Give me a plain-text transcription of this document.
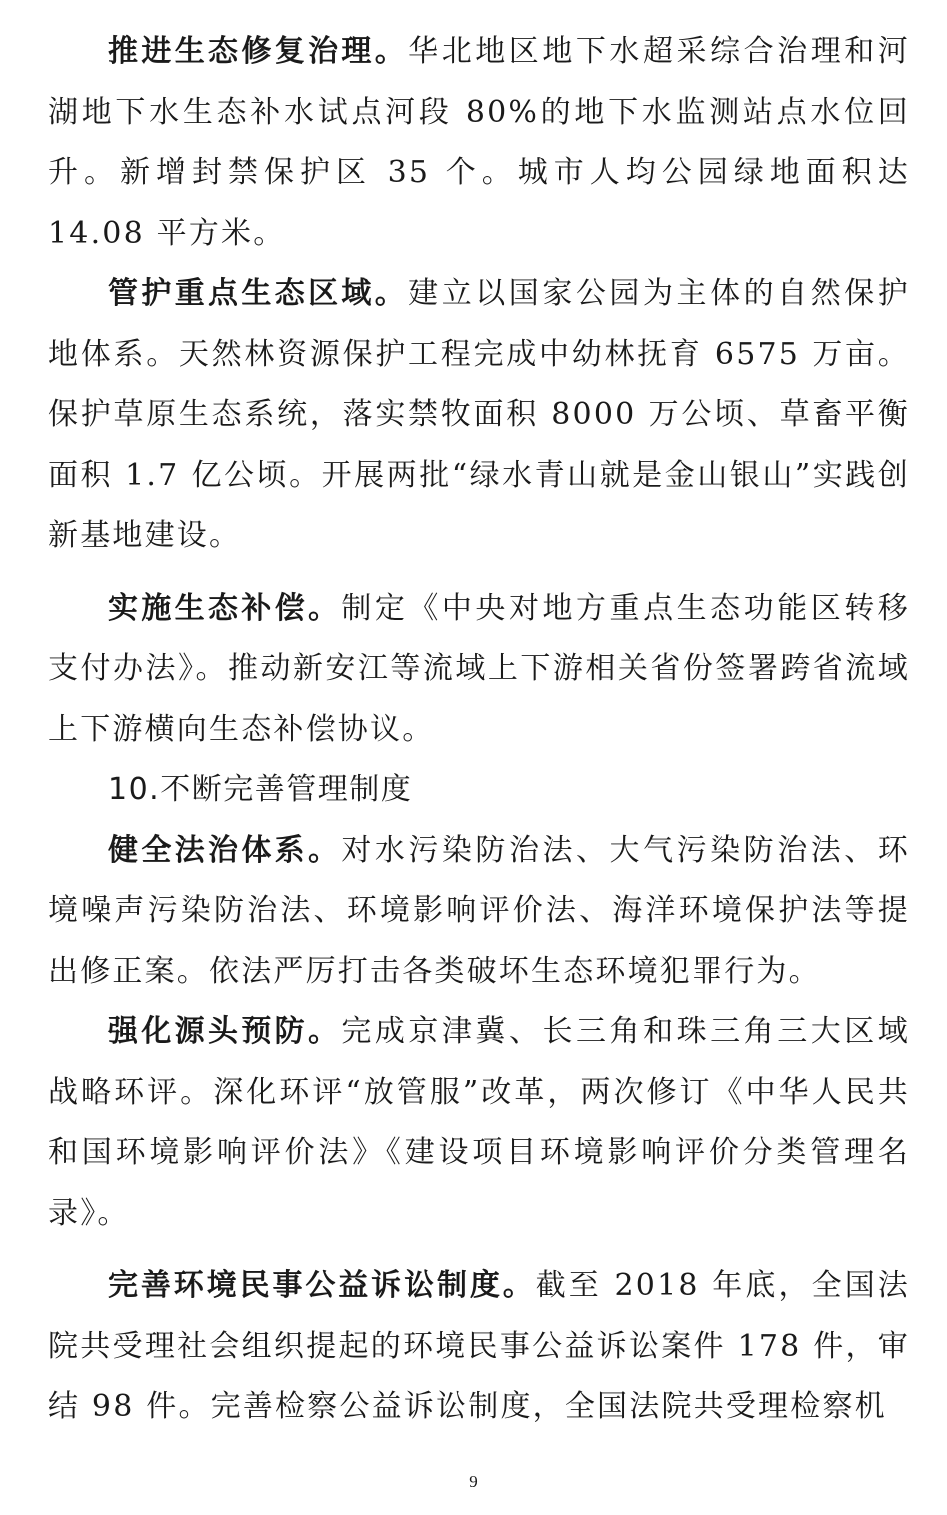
推进生态修复治理。华北地区地下水超采综合治理和河湖地下水生态补水试点河段 80%的地下水监测站点水位回升。新增封禁保护区 35 个。城市人均公园绿地面积达 14.08 平方米。

管护重点生态区域。建立以国家公园为主体的自然保护地体系。天然林资源保护工程完成中幼林抚育 6575 万亩。保护草原生态系统，落实禁牧面积 8000 万公顷、草畜平衡面积 1.7 亿公顷。开展两批“绿水青山就是金山银山”实践创新基地建设。

实施生态补偿。制定《中央对地方重点生态功能区转移支付办法》。推动新安江等流域上下游相关省份签署跨省流域上下游横向生态补偿协议。

10.不断完善管理制度

健全法治体系。对水污染防治法、大气污染防治法、环境噪声污染防治法、环境影响评价法、海洋环境保护法等提出修正案。依法严厉打击各类破坏生态环境犯罪行为。

强化源头预防。完成京津冀、长三角和珠三角三大区域战略环评。深化环评“放管服”改革，两次修订《中华人民共和国环境影响评价法》《建设项目环境影响评价分类管理名录》。

完善环境民事公益诉讼制度。截至 2018 年底，全国法院共受理社会组织提起的环境民事公益诉讼案件 178 件，审结 98 件。完善检察公益诉讼制度，全国法院共受理检察机

9
